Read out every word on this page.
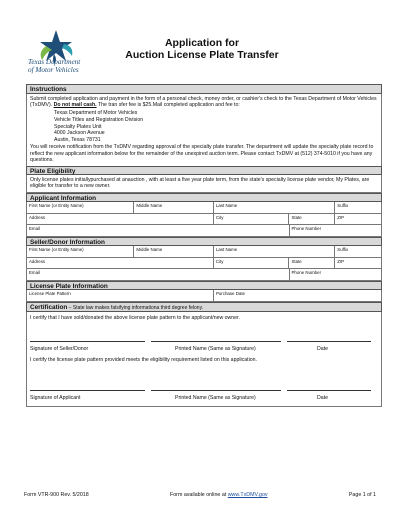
Texas Department
of Motor Vehicles
Application for
Auction License Plate Transfer
Instructions
Submit completed application and payment in the form of a personal check, money order, or cashier's check to the Texas Department of Motor Vehicles (TxDMV). Do not mail cash. The tran sfer fee is $25.Mail completed application and fee to:
Texas Department of Motor Vehicles
Vehicle Titles and Registration Division
Specialty Plates Unit
4000 Jackson Avenue
Austin, Texas 78731
You will receive notification from the TxDMV regarding approval of the specialty plate transfer. The department will update the specialty plate record to reflect the new applicant information below for the remainder of the unexpired auction term. Please contact TxDMV at (512) 374-5010 if you have any questions.
Plate Eligibility
Only license plates initiallypurchased at anauction , with at least a five year plate term, from the state's specialty license plate vendor, My Plates, are eligible for transfer to a new owner.
Applicant Information
First Name (or Entity Name)	Middle Name	Last Name	Suffix
Address	City	State	ZIP
Email	Phone Number
Seller/Donor Information
First Name (or Entity Name)	Middle Name	Last Name	Suffix
Address	City	State	ZIP
Email	Phone Number
License Plate Information
License Plate Pattern	Purchase Date
Certification – State law makes falsifying informationa third degree felony.
I certify that I have sold/donated the above license plate pattern to the applicant/new owner.
Signature of Seller/Donor	Printed Name (Same as Signature)	Date
I certify the license plate pattern provided meets the eligibility requirement listed on this application.
Signature of Applicant	Printed Name (Same as Signature)	Date
Form VTR-900 Rev. 5/2018	Form available online at www.TxDMV.gov	Page 1 of 1
